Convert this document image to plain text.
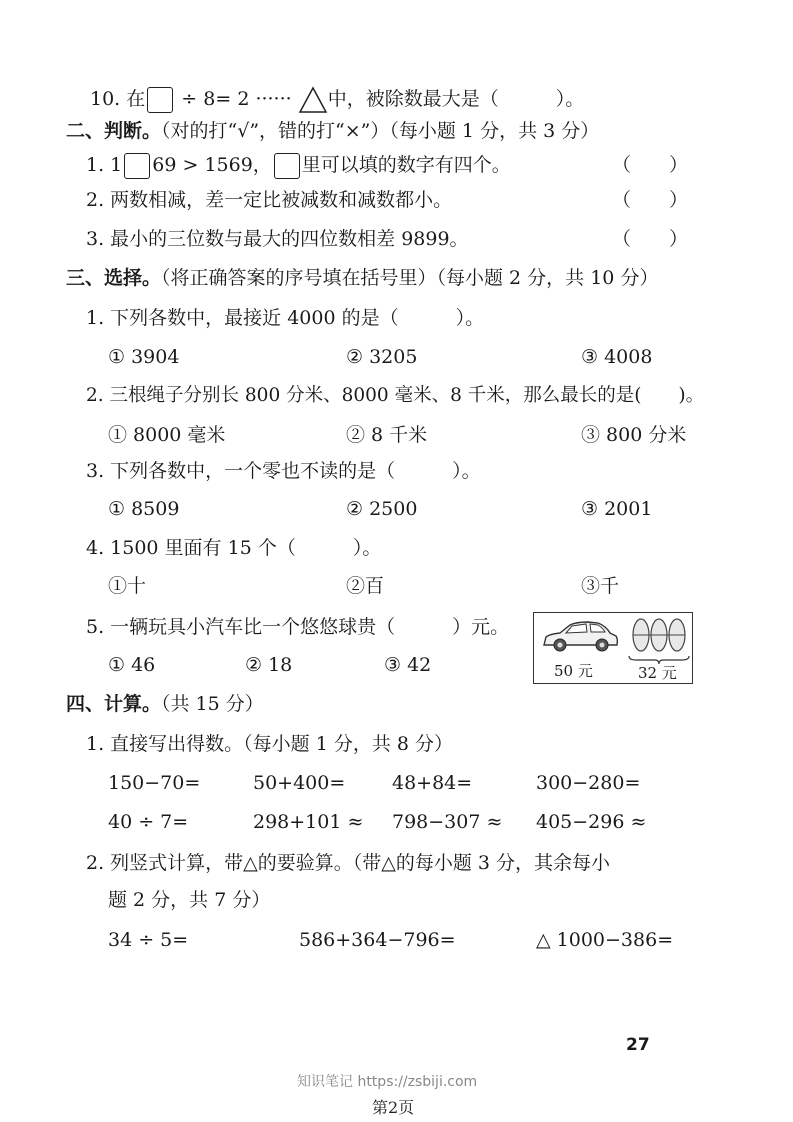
10. 在 ÷ 8= 2 ······ 中，被除数最大是（　　　）。
二、判断。（对的打“√”，错的打“×”）（每小题 1 分，共 3 分）
1. 1 69 > 1569， 里可以填的数字有四个。	（　　）
2. 两数相减，差一定比被减数和减数都小。	（　　）
3. 最小的三位数与最大的四位数相差 9899。	（　　）
三、选择。（将正确答案的序号填在括号里）（每小题 2 分，共 10 分）
1. 下列各数中，最接近 4000 的是（　　　）。
① 3904	② 3205	③ 4008
2. 三根绳子分别长 800 分米、8000 毫米、8 千米，那么最长的是(　　)。
① 8000 毫米	② 8 千米	③ 800 分米
3. 下列各数中，一个零也不读的是（　　　）。
① 8509	② 2500	③ 2001
4. 1500 里面有 15 个（　　　）。
①十	②百	③千
5. 一辆玩具小汽车比一个悠悠球贵（　　　）元。
① 46	② 18	③ 42	50 元	32 元
四、计算。（共 15 分）
1. 直接写出得数。（每小题 1 分，共 8 分）
150−70=	50+400= 48+84=	300−280=
40 ÷ 7=	298+101 ≈ 798−307 ≈ 405−296 ≈
2. 列竖式计算，带△的要验算。（带△的每小题 3 分，其余每小
题 2 分，共 7 分）
34 ÷ 5=	586+364−796=	△ 1000−386=
27
知识笔记 https://zsbiji.com
第2页
